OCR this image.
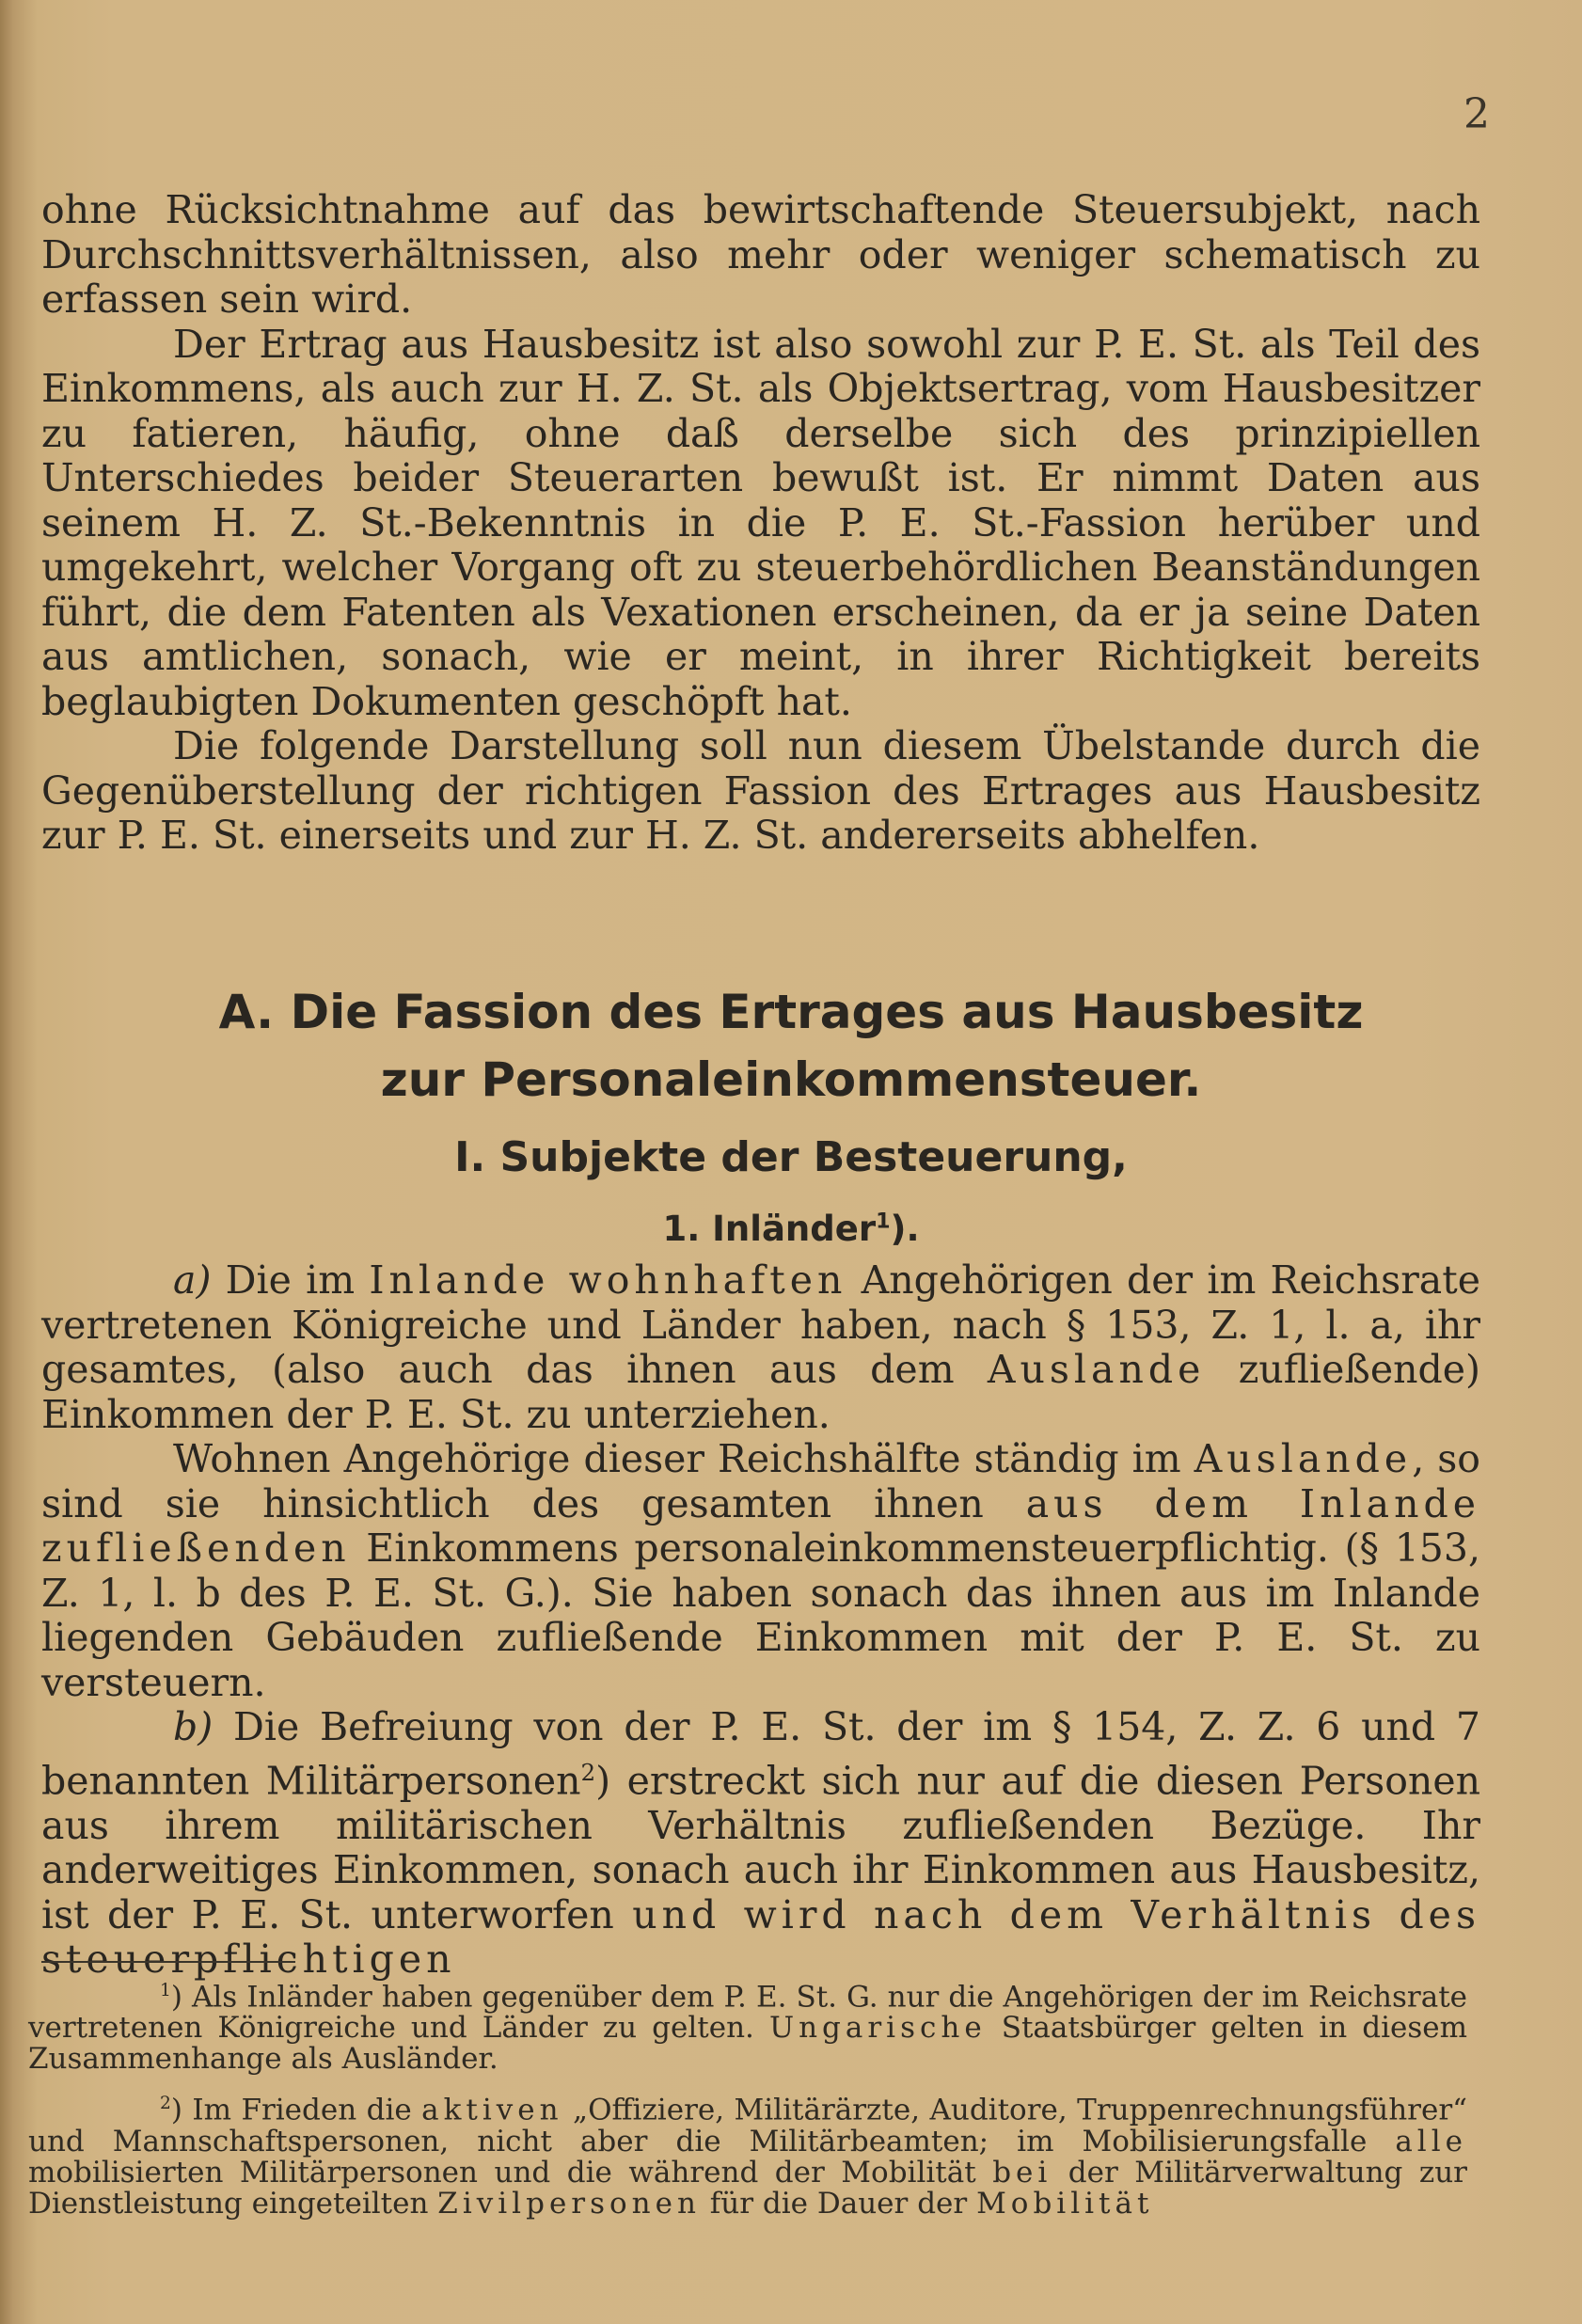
2

ohne Rücksichtnahme auf das bewirtschaftende Steuersubjekt, nach Durchschnittsverhältnissen, also mehr oder weniger schematisch zu erfassen sein wird.

Der Ertrag aus Hausbesitz ist also sowohl zur P. E. St. als Teil des Einkommens, als auch zur H. Z. St. als Objektsertrag, vom Hausbesitzer zu fatieren, häufig, ohne daß derselbe sich des prinzipiellen Unterschiedes beider Steuerarten bewußt ist. Er nimmt Daten aus seinem H. Z. St.-Bekenntnis in die P. E. St.-Fassion herüber und umgekehrt, welcher Vorgang oft zu steuerbehördlichen Beanständungen führt, die dem Fatenten als Vexationen erscheinen, da er ja seine Daten aus amtlichen, sonach, wie er meint, in ihrer Richtigkeit bereits beglaubigten Dokumenten geschöpft hat.

Die folgende Darstellung soll nun diesem Übelstande durch die Gegenüberstellung der richtigen Fassion des Ertrages aus Hausbesitz zur P. E. St. einerseits und zur H. Z. St. andererseits abhelfen.

A. Die Fassion des Ertrages aus Hausbesitz
zur Personaleinkommensteuer.
I. Subjekte der Besteuerung,
1. Inländer$^1$).

a) Die im Inlande wohnhaften Angehörigen der im Reichsrate vertretenen Königreiche und Länder haben, nach § 153, Z. 1, l. a, ihr gesamtes, (also auch das ihnen aus dem Auslande zufließende) Einkommen der P. E. St. zu unterziehen.

Wohnen Angehörige dieser Reichshälfte ständig im Auslande, so sind sie hinsichtlich des gesamten ihnen aus dem Inlande zufließenden Einkommens personaleinkommensteuerpflichtig. (§ 153, Z. 1, l. b des P. E. St. G.). Sie haben sonach das ihnen aus im Inlande liegenden Gebäuden zufließende Einkommen mit der P. E. St. zu versteuern.

b) Die Befreiung von der P. E. St. der im § 154, Z. Z. 6 und 7 benannten Militärpersonen$^2$) erstreckt sich nur auf die diesen Personen aus ihrem militärischen Verhältnis zufließenden Bezüge. Ihr anderweitiges Einkommen, sonach auch ihr Einkommen aus Hausbesitz, ist der P. E. St. unterworfen und wird nach dem Verhältnis des steuerpflichtigen

$^1$) Als Inländer haben gegenüber dem P. E. St. G. nur die Angehörigen der im Reichsrate vertretenen Königreiche und Länder zu gelten. Ungarische Staatsbürger gelten in diesem Zusammenhange als Ausländer.

$^2$) Im Frieden die aktiven „Offiziere, Militärärzte, Auditore, Truppenrechnungsführer“ und Mannschaftspersonen, nicht aber die Militärbeamten; im Mobilisierungsfalle alle mobilisierten Militärpersonen und die während der Mobilität bei der Militärverwaltung zur Dienstleistung eingeteilten Zivilpersonen für die Dauer der Mobilität
